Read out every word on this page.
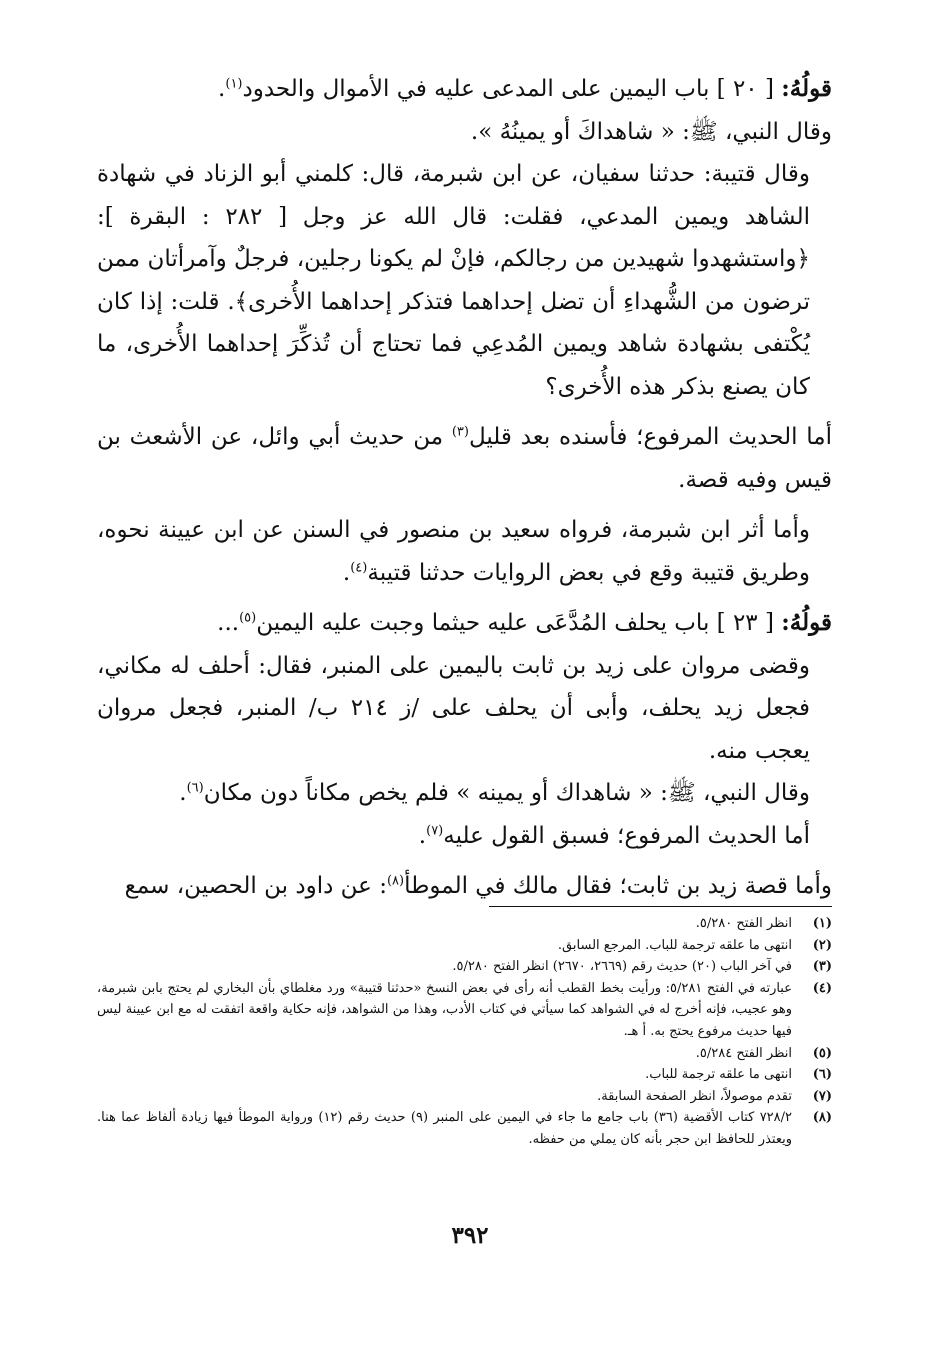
قولُهُ: [ ٢٠ ] باب اليمين على المدعى عليه في الأموال والحدود$^{(١)}$.

وقال النبي، ﷺ: « شاهداكَ أو يمينُهُ ».

وقال قتيبة: حدثنا سفيان، عن ابن شبرمة، قال: كلمني أبو الزناد في شهادة الشاهد ويمين المدعي، فقلت: قال الله عز وجل [ ٢٨٢ : البقرة ]: ﴿واستشهدوا شهيدين من رجالكم، فإنْ لم يكونا رجلين، فرجلٌ وآمرأتان ممن ترضون من الشُّهداءِ أن تضل إحداهما فتذكر إحداهما الأُخرى﴾. قلت: إذا كان يُكْتفى بشهادة شاهد ويمين المُدعِي فما تحتاج أن تُذكِّرَ إحداهما الأُخرى، ما كان يصنع بذكر هذه الأُخرى؟

أما الحديث المرفوع؛ فأسنده بعد قليل$^{(٣)}$ من حديث أبي وائل، عن الأشعث بن قيس وفيه قصة.

وأما أثر ابن شبرمة، فرواه سعيد بن منصور في السنن عن ابن عيينة نحوه، وطريق قتيبة وقع في بعض الروايات حدثنا قتيبة$^{(٤)}$.

قولُهُ: [ ٢٣ ] باب يحلف المُدَّعَى عليه حيثما وجبت عليه اليمين$^{(٥)}$...

وقضى مروان على زيد بن ثابت باليمين على المنبر، فقال: أحلف له مكاني، فجعل زيد يحلف، وأبى أن يحلف على /ز ٢١٤ ب/ المنبر، فجعل مروان يعجب منه.

وقال النبي، ﷺ: « شاهداك أو يمينه » فلم يخص مكاناً دون مكان$^{(٦)}$.

أما الحديث المرفوع؛ فسبق القول عليه$^{(٧)}$.

وأما قصة زيد بن ثابت؛ فقال مالك في الموطأ$^{(٨)}$: عن داود بن الحصين، سمع

(١)
انظر الفتح ٥/٢٨٠.
(٢)
انتهى ما علقه ترجمة للباب. المرجع السابق.
(٣)
في آخر الباب (٢٠) حديث رقم (٢٦٦٩، ٢٦٧٠) انظر الفتح ٥/٢٨٠.
(٤)
عبارته في الفتح ٥/٢٨١: ورأيت بخط القطب أنه رأى في بعض النسخ «حدثنا قتيبة» ورد مغلطاي بأن البخاري لم يحتج بابن شبرمة، وهو عجيب، فإنه أخرج له في الشواهد كما سيأتي في كتاب الأدب، وهذا من الشواهد، فإنه حكاية واقعة اتفقت له مع ابن عيينة ليس فيها حديث مرفوع يحتج به. أ هـ.
(٥)
انظر الفتح ٥/٢٨٤.
(٦)
انتهى ما علقه ترجمة للباب.
(٧)
تقدم موصولاً، انظر الصفحة السابقة.
(٨)
٧٢٨/٢ كتاب الأقضية (٣٦) باب جامع ما جاء في اليمين على المنبر (٩) حديث رقم (١٢) ورواية الموطأ فيها زيادة ألفاظ عما هنا. ويعتذر للحافظ ابن حجر بأنه كان يملي من حفظه.
٣٩٢
